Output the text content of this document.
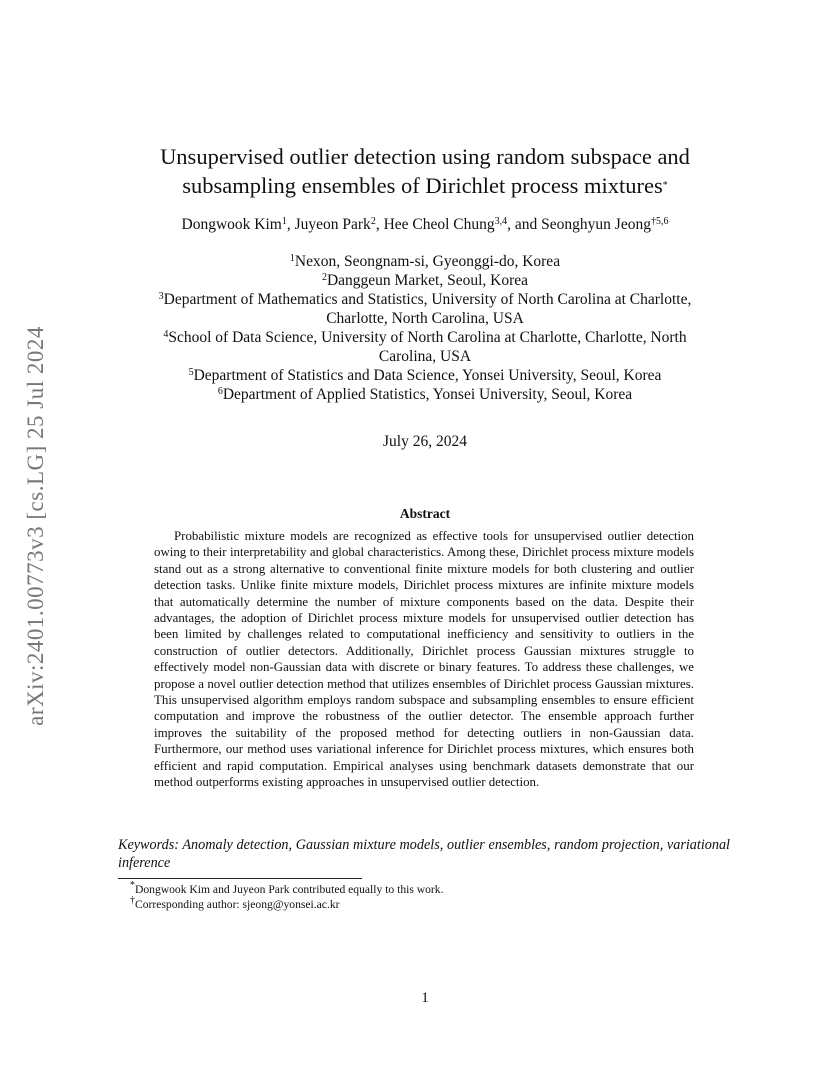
arXiv:2401.00773v3 [cs.LG] 25 Jul 2024
Unsupervised outlier detection using random subspace and
subsampling ensembles of Dirichlet process mixtures*
Dongwook Kim$^1$, Juyeon Park$^2$, Hee Cheol Chung$^{3,4}$, and Seonghyun Jeong$^{\dagger 5,6}$
$^1$Nexon, Seongnam-si, Gyeonggi-do, Korea
$^2$Danggeun Market, Seoul, Korea
$^3$Department of Mathematics and Statistics, University of North Carolina at Charlotte,
Charlotte, North Carolina, USA
$^4$School of Data Science, University of North Carolina at Charlotte, Charlotte, North
Carolina, USA
$^5$Department of Statistics and Data Science, Yonsei University, Seoul, Korea
$^6$Department of Applied Statistics, Yonsei University, Seoul, Korea
July 26, 2024
Abstract
Probabilistic mixture models are recognized as effective tools for unsupervised outlier detection owing to their interpretability and global characteristics. Among these, Dirichlet process mixture models stand out as a strong alternative to conventional finite mixture models for both clustering and outlier detection tasks. Unlike finite mixture models, Dirichlet process mixtures are infinite mixture models that automatically determine the number of mixture components based on the data. Despite their advantages, the adoption of Dirichlet process mixture models for unsupervised outlier detection has been limited by challenges related to computational inefficiency and sensitivity to outliers in the construction of outlier detectors. Additionally, Dirichlet process Gaussian mixtures struggle to effectively model non-Gaussian data with discrete or binary features. To address these challenges, we propose a novel outlier detection method that utilizes ensembles of Dirichlet process Gaussian mixtures. This unsupervised algorithm employs random subspace and subsampling ensembles to ensure efficient computation and improve the robustness of the outlier detector. The ensemble approach further improves the suitability of the proposed method for detecting outliers in non-Gaussian data. Furthermore, our method uses variational inference for Dirichlet process mixtures, which ensures both efficient and rapid computation. Empirical analyses using benchmark datasets demonstrate that our method outperforms existing approaches in unsupervised outlier detection.
Keywords: Anomaly detection, Gaussian mixture models, outlier ensembles, random projection, variational inference
*Dongwook Kim and Juyeon Park contributed equally to this work.
†Corresponding author: sjeong@yonsei.ac.kr
1
